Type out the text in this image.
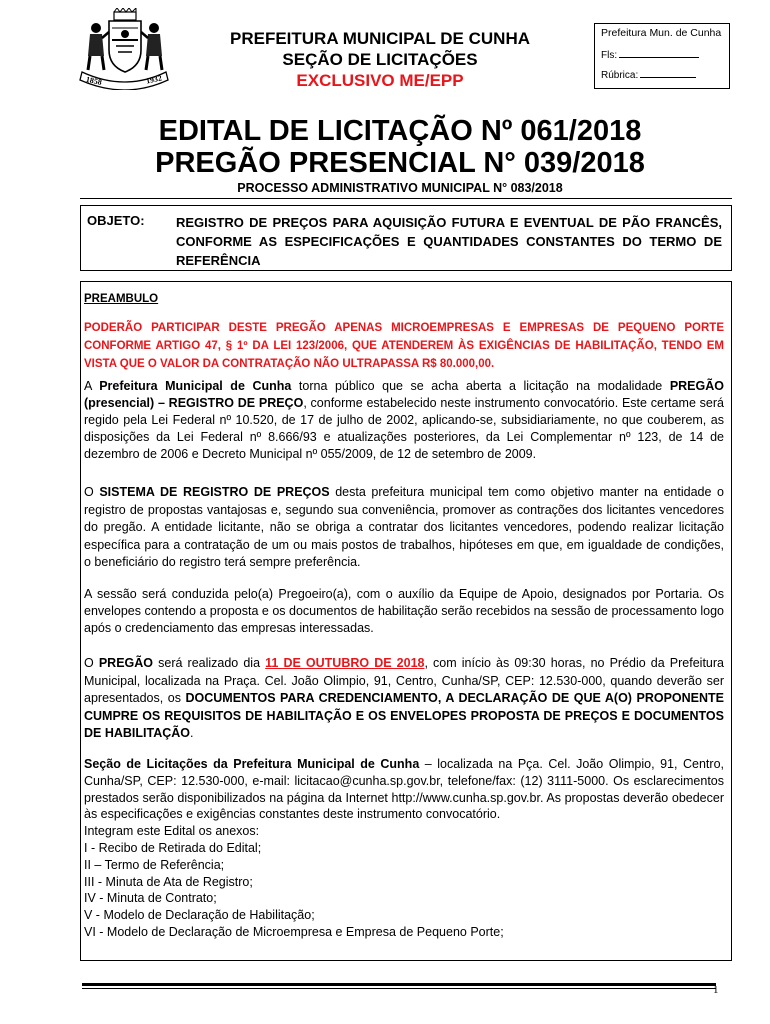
1858	1932
PREFEITURA MUNICIPAL DE CUNHA
SEÇÃO DE LICITAÇÕES
EXCLUSIVO ME/EPP
Prefeitura Mun. de Cunha
Fls:
Rúbrica:
EDITAL DE LICITAÇÃO Nº 061/2018
PREGÃO PRESENCIAL N° 039/2018
PROCESSO ADMINISTRATIVO MUNICIPAL N° 083/2018
OBJETO: REGISTRO DE PREÇOS PARA AQUISIÇÃO FUTURA E EVENTUAL DE PÃO FRANCÊS, CONFORME AS ESPECIFICAÇÕES E QUANTIDADES CONSTANTES DO TERMO DE REFERÊNCIA
PREAMBULO
PODERÃO PARTICIPAR DESTE PREGÃO APENAS MICROEMPRESAS E EMPRESAS DE PEQUENO PORTE CONFORME ARTIGO 47, § 1º DA LEI 123/2006, QUE ATENDEREM ÀS EXIGÊNCIAS DE HABILITAÇÃO, TENDO EM VISTA QUE O VALOR DA CONTRATAÇÃO NÃO ULTRAPASSA R$ 80.000,00.
A Prefeitura Municipal de Cunha torna público que se acha aberta a licitação na modalidade PREGÃO (presencial) – REGISTRO DE PREÇO, conforme estabelecido neste instrumento convocatório. Este certame será regido pela Lei Federal nº 10.520, de 17 de julho de 2002, aplicando-se, subsidiariamente, no que couberem, as disposições da Lei Federal nº 8.666/93 e atualizações posteriores, da Lei Complementar nº 123, de 14 de dezembro de 2006 e Decreto Municipal nº 055/2009, de 12 de setembro de 2009.
O SISTEMA DE REGISTRO DE PREÇOS desta prefeitura municipal tem como objetivo manter na entidade o registro de propostas vantajosas e, segundo sua conveniência, promover as contrações dos licitantes vencedores do pregão. A entidade licitante, não se obriga a contratar dos licitantes vencedores, podendo realizar licitação específica para a contratação de um ou mais postos de trabalhos, hipóteses em que, em igualdade de condições, o beneficiário do registro terá sempre preferência.
A sessão será conduzida pelo(a) Pregoeiro(a), com o auxílio da Equipe de Apoio, designados por Portaria. Os envelopes contendo a proposta e os documentos de habilitação serão recebidos na sessão de processamento logo após o credenciamento das empresas interessadas.
O PREGÃO será realizado dia 11 DE OUTUBRO DE 2018, com início às 09:30 horas, no Prédio da Prefeitura Municipal, localizada na Praça. Cel. João Olimpio, 91, Centro, Cunha/SP, CEP: 12.530-000, quando deverão ser apresentados, os DOCUMENTOS PARA CREDENCIAMENTO, A DECLARAÇÃO DE QUE A(O) PROPONENTE CUMPRE OS REQUISITOS DE HABILITAÇÃO E OS ENVELOPES PROPOSTA DE PREÇOS E DOCUMENTOS DE HABILITAÇÃO.
Seção de Licitações da Prefeitura Municipal de Cunha – localizada na Pça. Cel. João Olimpio, 91, Centro, Cunha/SP, CEP: 12.530-000, e-mail: licitacao@cunha.sp.gov.br, telefone/fax: (12) 3111-5000. Os esclarecimentos prestados serão disponibilizados na página da Internet http://www.cunha.sp.gov.br. As propostas deverão obedecer às especificações e exigências constantes deste instrumento convocatório.
Integram este Edital os anexos:
I - Recibo de Retirada do Edital;
II – Termo de Referência;
III - Minuta de Ata de Registro;
IV - Minuta de Contrato;
V - Modelo de Declaração de Habilitação;
VI - Modelo de Declaração de Microempresa e Empresa de Pequeno Porte;
1
